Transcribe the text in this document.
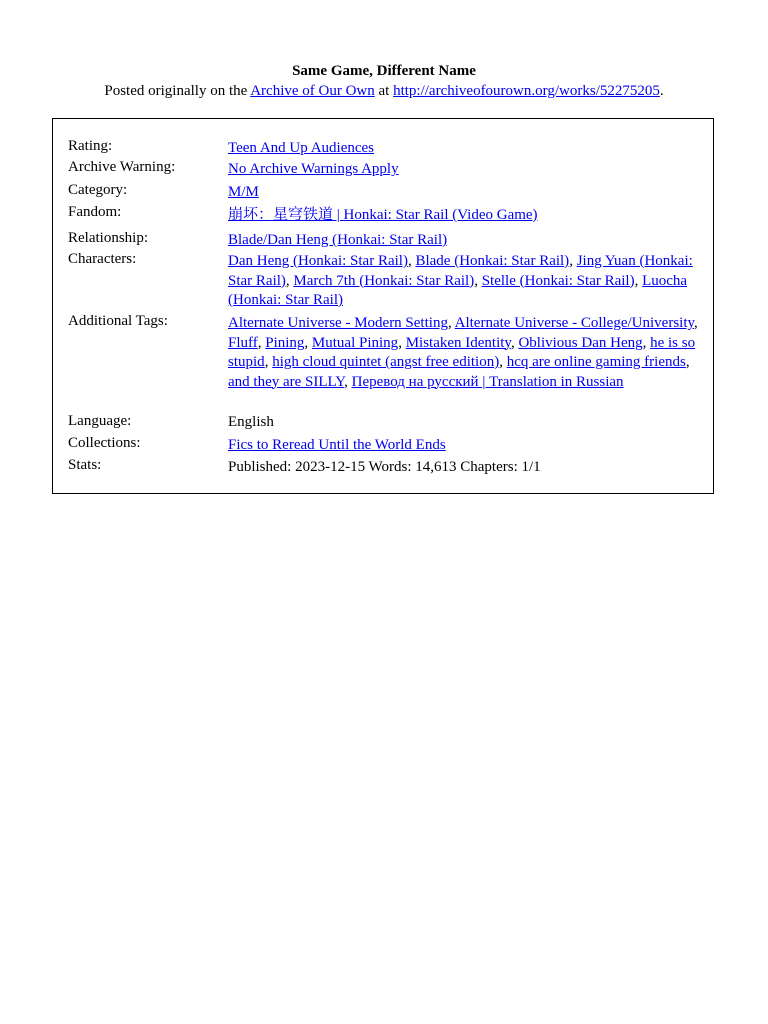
Same Game, Different Name
Posted originally on the Archive of Our Own at http://archiveofourown.org/works/52275205.
Rating:	Teen And Up Audiences
Archive Warning:	No Archive Warnings Apply
Category:	M/M
Fandom:	崩坏：星穹铁道 | Honkai: Star Rail (Video Game)
Relationship:	Blade/Dan Heng (Honkai: Star Rail)
Characters:	Dan Heng (Honkai: Star Rail), Blade (Honkai: Star Rail), Jing Yuan (Honkai: Star Rail), March 7th (Honkai: Star Rail), Stelle (Honkai: Star Rail), Luocha (Honkai: Star Rail)
Additional Tags:	Alternate Universe - Modern Setting, Alternate Universe - College/University, Fluff, Pining, Mutual Pining, Mistaken Identity, Oblivious Dan Heng, he is so stupid, high cloud quintet (angst free edition), hcq are online gaming friends, and they are SILLY, Перевод на русский | Translation in Russian
Language:	English
Collections:	Fics to Reread Until the World Ends
Stats:	Published: 2023-12-15 Words: 14,613 Chapters: 1/1
